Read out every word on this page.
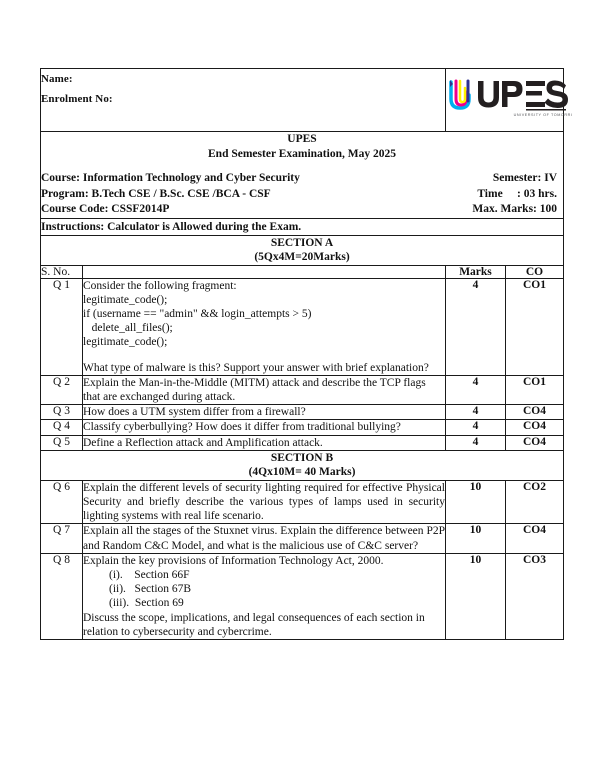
Name:
Enrolment No:		UNIVERSITY OF TOMORROW	

UPES
End Semester Examination, May 2025
Course: Information Technology and Cyber Security	Semester: IV
Program: B.Tech CSE / B.Sc. CSE /BCA - CSF	Time     : 03 hrs.
Course Code: CSSF2014P	Max. Marks: 100

Instructions: Calculator is Allowed during the Exam.			

SECTION A
(5Qx4M=20Marks)			

S. No.		Marks	CO
Q 1	Consider the following fragment:
legitimate_code();
if (username == "admin" && login_attempts > 5)
delete_all_files();
legitimate_code();
What type of malware is this? Support your answer with brief explanation?
	4	CO1
Q 2	Explain the Man-in-the-Middle (MITM) attack and describe the TCP flags that are exchanged during attack.	4	CO1
Q 3	How does a UTM system differ from a firewall?	4	CO4
Q 4	Classify cyberbullying? How does it differ from traditional bullying?	4	CO4
Q 5	Define a Reflection attack and Amplification attack.	4	CO4

SECTION B
(4Qx10M= 40 Marks)			

Q 6	Explain the different levels of security lighting required for effective Physical Security and briefly describe the various types of lamps used in security lighting systems with real life scenario.	10	CO2
Q 7	Explain all the stages of the Stuxnet virus. Explain the difference between P2P and Random C&C Model, and what is the malicious use of C&C server?	10	CO4
Q 8	Explain the key provisions of Information Technology Act, 2000.
(i).    Section 66F
(ii).   Section 67B
(iii).  Section 69
Discuss the scope, implications, and legal consequences of each section in relation to cybersecurity and cybercrime.
	10	CO3
